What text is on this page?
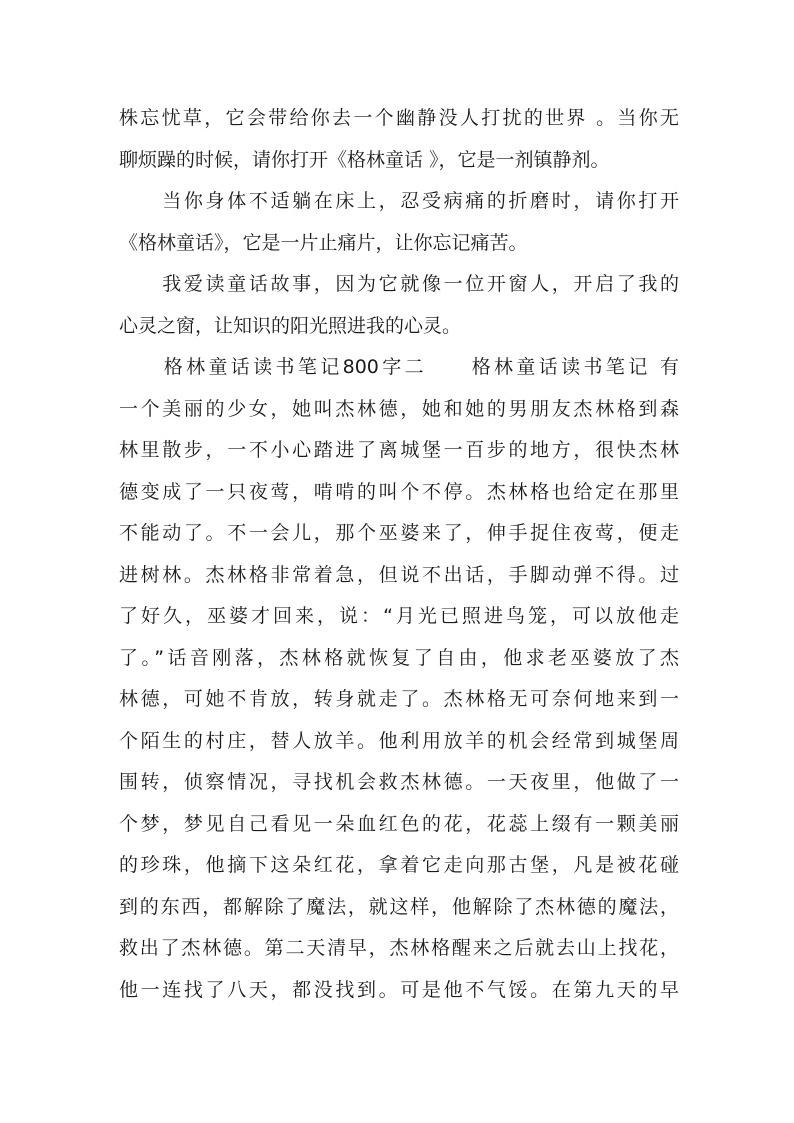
株忘忧草，它会带给你去一个幽静没人打扰的世界 。当你无
聊烦躁的时候，请你打开《格林童话 》，它是一剂镇静剂。
　　当你身体不适躺在床上，忍受病痛的折磨时，请你打开
《格林童话》，它是一片止痛片，让你忘记痛苦。
　　我爱读童话故事，因为它就像一位开窗人，开启了我的
心灵之窗，让知识的阳光照进我的心灵。
　　格林童话读书笔记800字二　　格林童话读书笔记 有
一个美丽的少女，她叫杰林德，她和她的男朋友杰林格到森
林里散步，一不小心踏进了离城堡一百步的地方，很快杰林
德变成了一只夜莺，啃啃的叫个不停。杰林格也给定在那里
不能动了。不一会儿，那个巫婆来了，伸手捉住夜莺，便走
进树林。杰林格非常着急，但说不出话，手脚动弹不得。过
了好久，巫婆才回来，说：“月光已照进鸟笼，可以放他走
了。”话音刚落，杰林格就恢复了自由，他求老巫婆放了杰
林德，可她不肯放，转身就走了。杰林格无可奈何地来到一
个陌生的村庄，替人放羊。他利用放羊的机会经常到城堡周
围转，侦察情况，寻找机会救杰林德。一天夜里，他做了一
个梦，梦见自己看见一朵血红色的花，花蕊上缀有一颗美丽
的珍珠，他摘下这朵红花，拿着它走向那古堡，凡是被花碰
到的东西，都解除了魔法，就这样，他解除了杰林德的魔法，
救出了杰林德。第二天清早，杰林格醒来之后就去山上找花，
他一连找了八天，都没找到。可是他不气馁。在第九天的早
